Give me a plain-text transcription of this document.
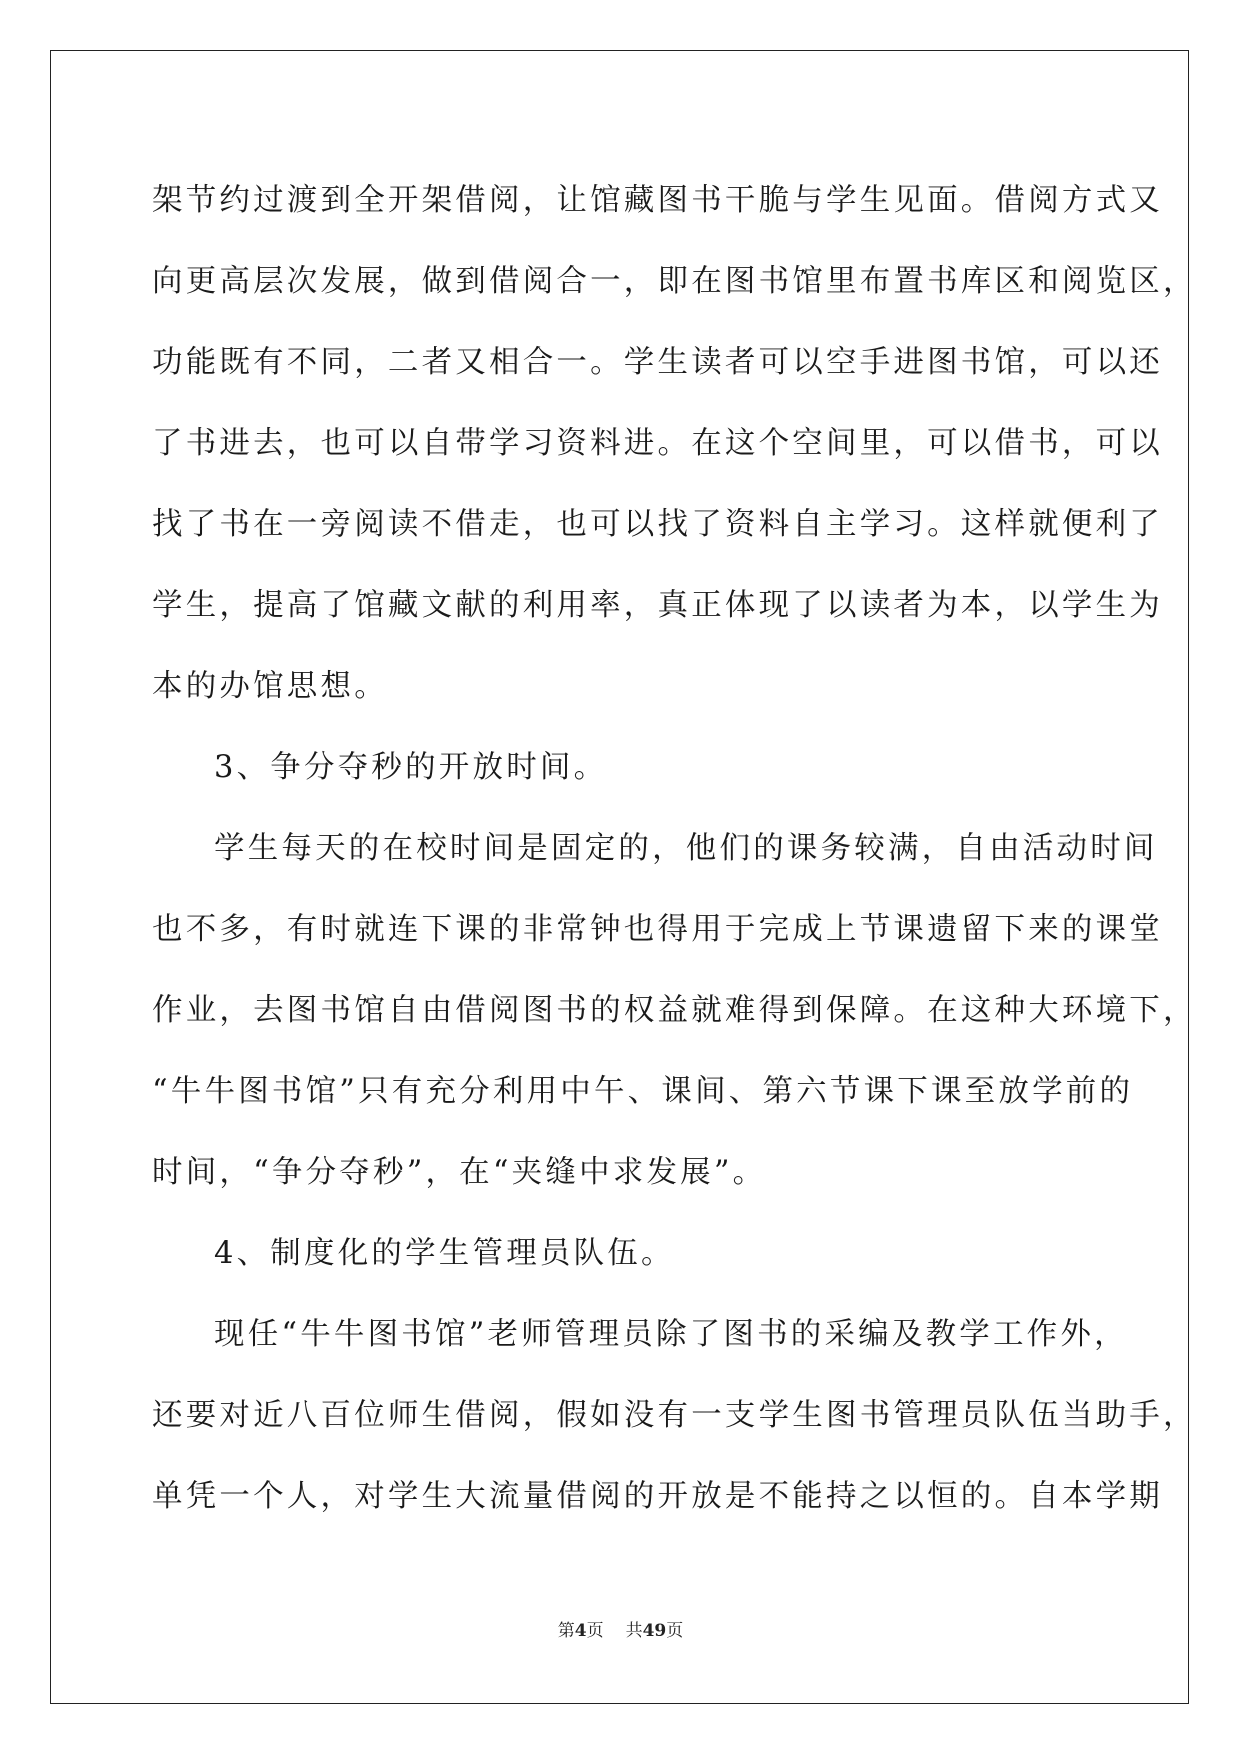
架节约过渡到全开架借阅，让馆藏图书干脆与学生见面。借阅方式又

向更高层次发展，做到借阅合一，即在图书馆里布置书库区和阅览区，

功能既有不同，二者又相合一。学生读者可以空手进图书馆，可以还

了书进去，也可以自带学习资料进。在这个空间里，可以借书，可以

找了书在一旁阅读不借走，也可以找了资料自主学习。这样就便利了

学生，提高了馆藏文献的利用率，真正体现了以读者为本，以学生为

本的办馆思想。

3、争分夺秒的开放时间。

学生每天的在校时间是固定的，他们的课务较满，自由活动时间

也不多，有时就连下课的非常钟也得用于完成上节课遗留下来的课堂

作业，去图书馆自由借阅图书的权益就难得到保障。在这种大环境下，

“牛牛图书馆”只有充分利用中午、课间、第六节课下课至放学前的

时间，“争分夺秒”，在“夹缝中求发展”。

4、制度化的学生管理员队伍。

现任“牛牛图书馆”老师管理员除了图书的采编及教学工作外，

还要对近八百位师生借阅，假如没有一支学生图书管理员队伍当助手，

单凭一个人，对学生大流量借阅的开放是不能持之以恒的。自本学期

第4页 共49页
